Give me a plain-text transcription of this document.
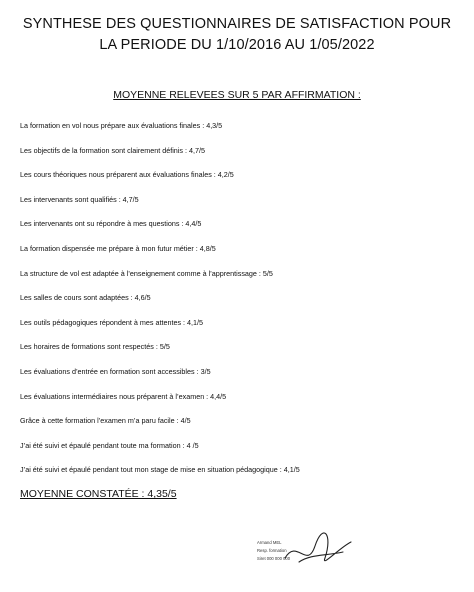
SYNTHESE DES QUESTIONNAIRES DE SATISFACTION POUR
LA PERIODE DU 1/10/2016 AU 1/05/2022
MOYENNE RELEVEES SUR 5 PAR AFFIRMATION :
La formation en vol nous prépare aux évaluations finales : 4,3/5
Les objectifs de la formation sont clairement définis : 4,7/5
Les cours théoriques nous préparent aux évaluations finales : 4,2/5
Les intervenants sont qualifiés : 4,7/5
Les intervenants ont su répondre à mes questions : 4,4/5
La formation dispensée me prépare à mon futur métier : 4,8/5
La structure de vol est adaptée à l’enseignement comme à l’apprentissage : 5/5
Les salles de cours sont adaptées : 4,6/5
Les outils pédagogiques répondent à mes attentes : 4,1/5
Les horaires de formations sont respectés : 5/5
Les évaluations d’entrée en formation sont accessibles : 3/5
Les évaluations intermédiaires nous préparent à l’examen : 4,4/5
Grâce à cette formation l’examen m’a paru facile : 4/5
J’ai été suivi et épaulé pendant toute ma formation : 4 /5
J’ai été suivi et épaulé pendant tout mon stage de mise en situation pédagogique : 4,1/5
MOYENNE CONSTATÉE : 4,35/5
Armand MEL
Resp. formation
Siret 000 000 000
